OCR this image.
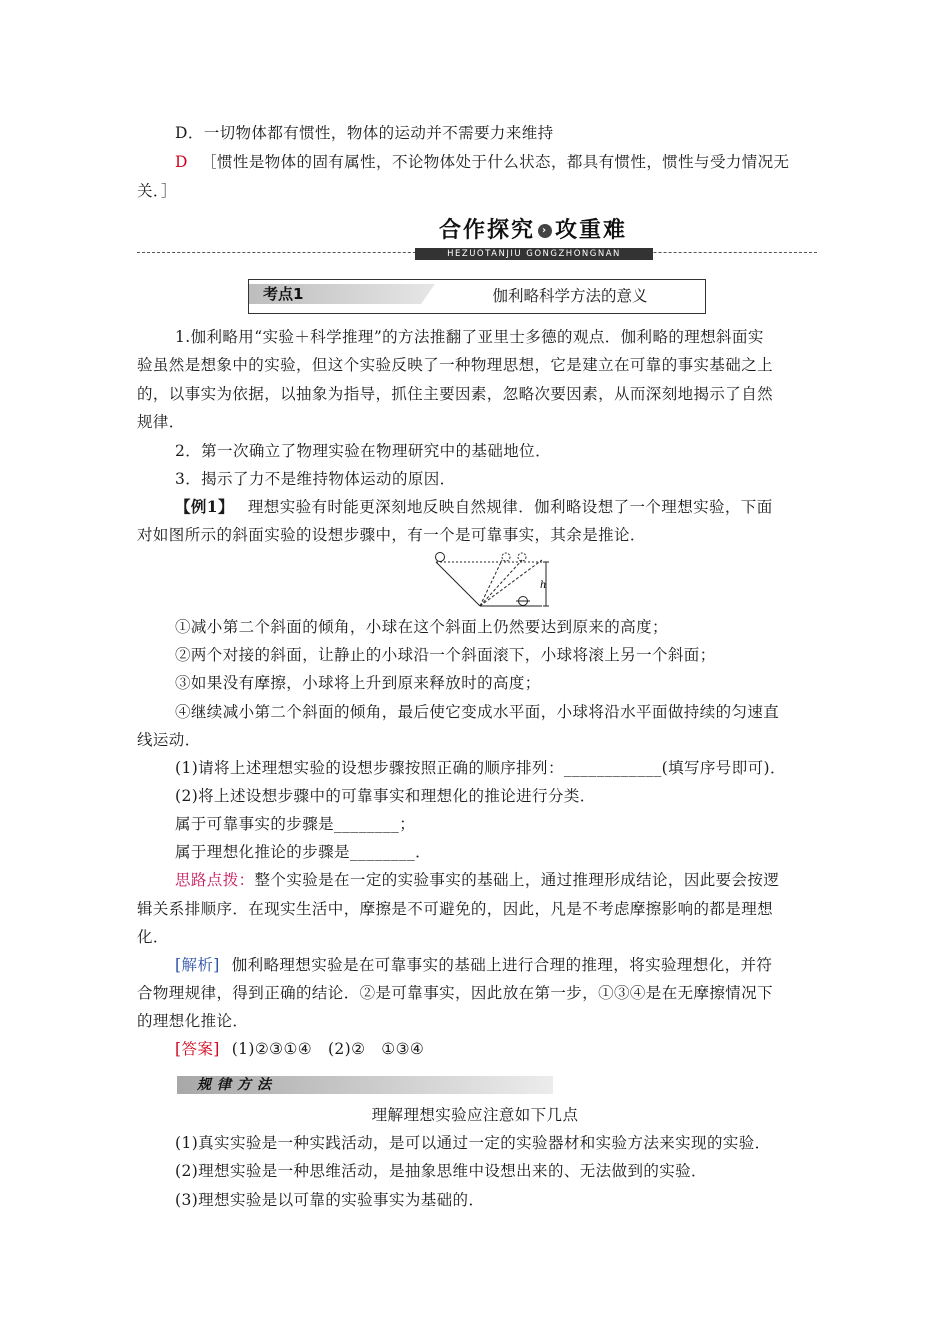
D．一切物体都有惯性，物体的运动并不需要力来维持
D ［惯性是物体的固有属性，不论物体处于什么状态，都具有惯性，惯性与受力情况无
关．］
合作探究 › 攻重难
HEZUOTANJIU GONGZHONGNAN
考点1	伽利略科学方法的意义
1.伽利略用“实验＋科学推理”的方法推翻了亚里士多德的观点．伽利略的理想斜面实
验虽然是想象中的实验，但这个实验反映了一种物理思想，它是建立在可靠的事实基础之上
的，以事实为依据，以抽象为指导，抓住主要因素，忽略次要因素，从而深刻地揭示了自然
规律．
2．第一次确立了物理实验在物理研究中的基础地位．
3．揭示了力不是维持物体运动的原因．
【例1】 理想实验有时能更深刻地反映自然规律．伽利略设想了一个理想实验，下面
对如图所示的斜面实验的设想步骤中，有一个是可靠事实，其余是推论．
h
①减小第二个斜面的倾角，小球在这个斜面上仍然要达到原来的高度；
②两个对接的斜面，让静止的小球沿一个斜面滚下，小球将滚上另一个斜面；
③如果没有摩擦，小球将上升到原来释放时的高度；
④继续减小第二个斜面的倾角，最后使它变成水平面，小球将沿水平面做持续的匀速直
线运动．
(1)请将上述理想实验的设想步骤按照正确的顺序排列：____________(填写序号即可)．
(2)将上述设想步骤中的可靠事实和理想化的推论进行分类．
属于可靠事实的步骤是________；
属于理想化推论的步骤是________．
思路点拨：整个实验是在一定的实验事实的基础上，通过推理形成结论，因此要会按逻
辑关系排顺序．在现实生活中，摩擦是不可避免的，因此，凡是不考虑摩擦影响的都是理想
化．
[解析] 伽利略理想实验是在可靠事实的基础上进行合理的推理，将实验理想化，并符
合物理规律，得到正确的结论．②是可靠事实，因此放在第一步，①③④是在无摩擦情况下
的理想化推论．
[答案] (1)②③①④　(2)②　①③④
规律方法
理解理想实验应注意如下几点
(1)真实实验是一种实践活动，是可以通过一定的实验器材和实验方法来实现的实验．
(2)理想实验是一种思维活动，是抽象思维中设想出来的、无法做到的实验．
(3)理想实验是以可靠的实验事实为基础的．
